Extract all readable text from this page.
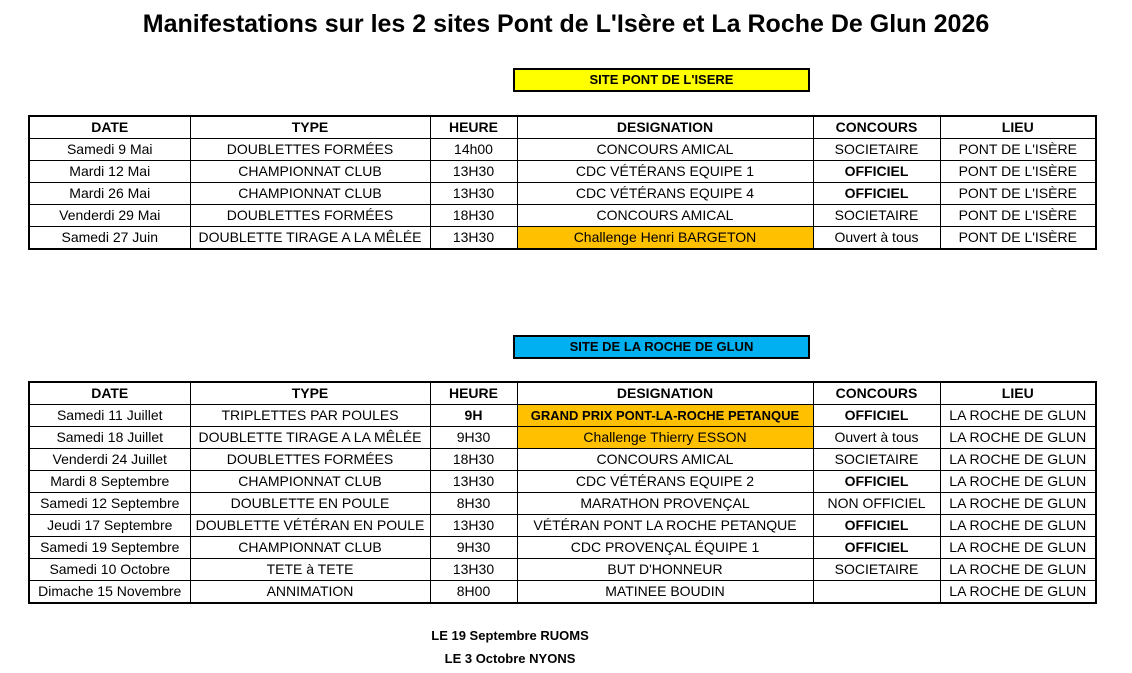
Manifestations sur les 2 sites Pont de L'Isère et La Roche De Glun 2026
SITE PONT DE L'ISERE
DATE	TYPE	HEURE	DESIGNATION	CONCOURS	LIEU
Samedi 9 Mai	DOUBLETTES FORMÉES	14h00	CONCOURS AMICAL	SOCIETAIRE	PONT DE L'ISÈRE
Mardi 12 Mai	CHAMPIONNAT CLUB	13H30	CDC VÉTÉRANS EQUIPE 1	OFFICIEL	PONT DE L'ISÈRE
Mardi 26 Mai	CHAMPIONNAT CLUB	13H30	CDC VÉTÉRANS EQUIPE 4	OFFICIEL	PONT DE L'ISÈRE
Venderdi 29 Mai	DOUBLETTES FORMÉES	18H30	CONCOURS AMICAL	SOCIETAIRE	PONT DE L'ISÈRE
Samedi 27 Juin	DOUBLETTE TIRAGE A LA MÊLÉE	13H30	Challenge Henri BARGETON	Ouvert à tous	PONT DE L'ISÈRE
SITE DE LA ROCHE DE GLUN
DATE	TYPE	HEURE	DESIGNATION	CONCOURS	LIEU
Samedi 11 Juillet	TRIPLETTES PAR POULES	9H	GRAND PRIX PONT-LA-ROCHE PETANQUE	OFFICIEL	LA ROCHE DE GLUN
Samedi 18 Juillet	DOUBLETTE TIRAGE A LA MÊLÉE	9H30	Challenge Thierry ESSON	Ouvert à tous	LA ROCHE DE GLUN
Venderdi 24 Juillet	DOUBLETTES FORMÉES	18H30	CONCOURS AMICAL	SOCIETAIRE	LA ROCHE DE GLUN
Mardi 8 Septembre	CHAMPIONNAT CLUB	13H30	CDC VÉTÉRANS EQUIPE 2	OFFICIEL	LA ROCHE DE GLUN
Samedi 12 Septembre	DOUBLETTE EN POULE	8H30	MARATHON PROVENÇAL	NON OFFICIEL	LA ROCHE DE GLUN
Jeudi 17 Septembre	DOUBLETTE VÉTÉRAN EN POULE	13H30	VÉTÉRAN PONT LA ROCHE PETANQUE	OFFICIEL	LA ROCHE DE GLUN
Samedi 19 Septembre	CHAMPIONNAT CLUB	9H30	CDC PROVENÇAL ÉQUIPE 1	OFFICIEL	LA ROCHE DE GLUN
Samedi 10 Octobre	TETE à TETE	13H30	BUT D'HONNEUR	SOCIETAIRE	LA ROCHE DE GLUN
Dimache 15 Novembre	ANNIMATION	8H00	MATINEE BOUDIN		LA ROCHE DE GLUN
LE 19 Septembre RUOMS
LE 3 Octobre NYONS
